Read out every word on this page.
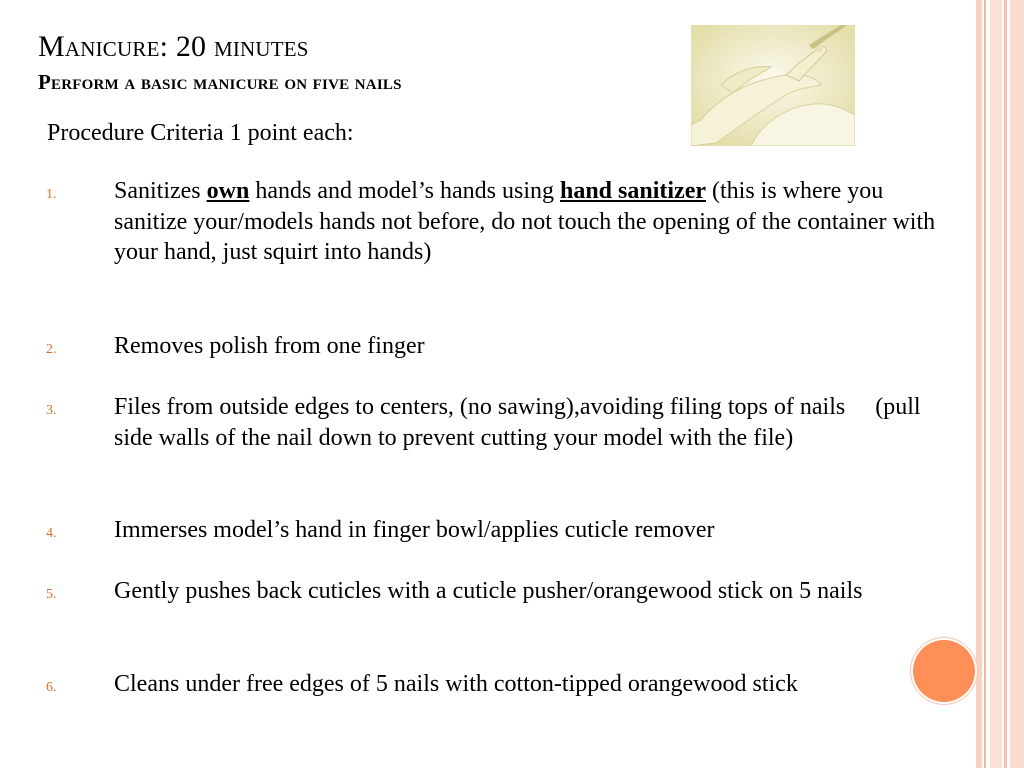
Manicure: 20 minutes
Perform a basic manicure on five nails
Procedure Criteria 1 point each:
1. Sanitizes own hands and model’s hands using hand sanitizer (this is where you sanitize your/models hands not before, do not touch the opening of the container with your hand, just squirt into hands)
2. Removes polish from one finger
3. Files from outside edges to centers, (no sawing),avoiding filing tops of nails     (pull side walls of the nail down to prevent cutting your model with the file)
4. Immerses model’s hand in finger bowl/applies cuticle remover
5. Gently pushes back cuticles with a cuticle pusher/orangewood stick on 5 nails
6. Cleans under free edges of 5 nails with cotton-tipped orangewood stick
